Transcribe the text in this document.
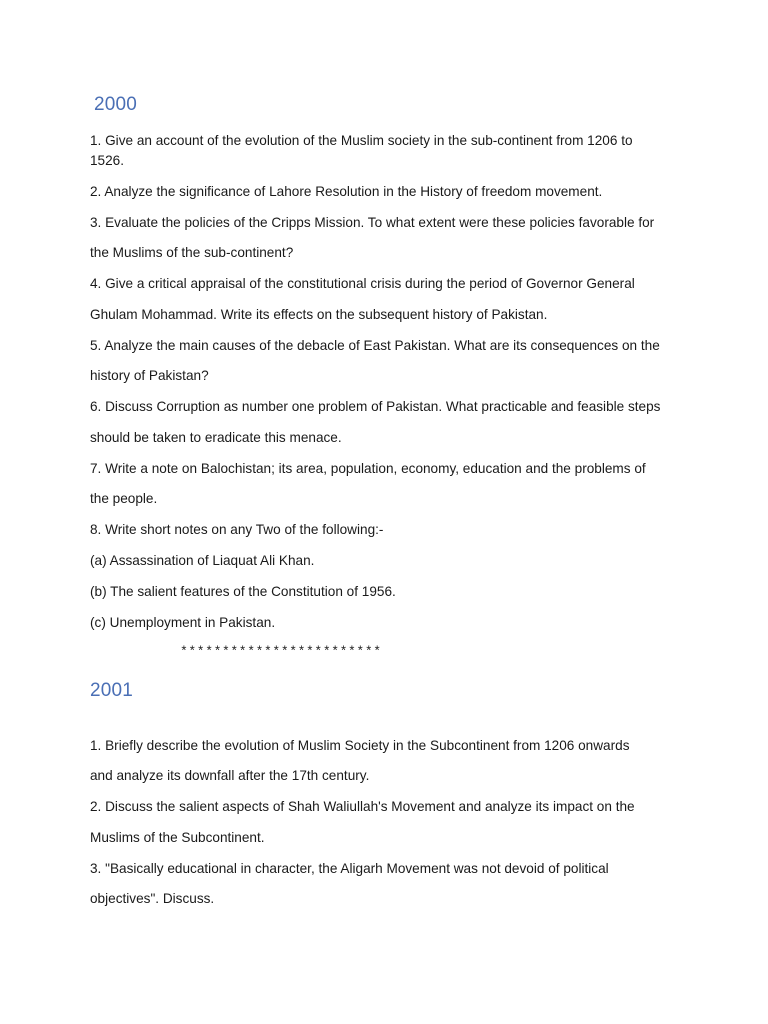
2000
1. Give an account of the evolution of the Muslim society in the sub-continent from 1206 to
1526.
2. Analyze the significance of Lahore Resolution in the History of freedom movement.
3. Evaluate the policies of the Cripps Mission. To what extent were these policies favorable for
the Muslims of the sub-continent?
4. Give a critical appraisal of the constitutional crisis during the period of Governor General
Ghulam Mohammad. Write its effects on the subsequent history of Pakistan.
5. Analyze the main causes of the debacle of East Pakistan. What are its consequences on the
history of Pakistan?
6. Discuss Corruption as number one problem of Pakistan. What practicable and feasible steps
should be taken to eradicate this menace.
7. Write a note on Balochistan; its area, population, economy, education and the problems of
the people.
8. Write short notes on any Two of the following:-
(a) Assassination of Liaquat Ali Khan.
(b) The salient features of the Constitution of 1956.
(c) Unemployment in Pakistan.
************************
2001
1. Briefly describe the evolution of Muslim Society in the Subcontinent from 1206 onwards
and analyze its downfall after the 17th century.
2. Discuss the salient aspects of Shah Waliullah's Movement and analyze its impact on the
Muslims of the Subcontinent.
3. "Basically educational in character, the Aligarh Movement was not devoid of political
objectives". Discuss.
